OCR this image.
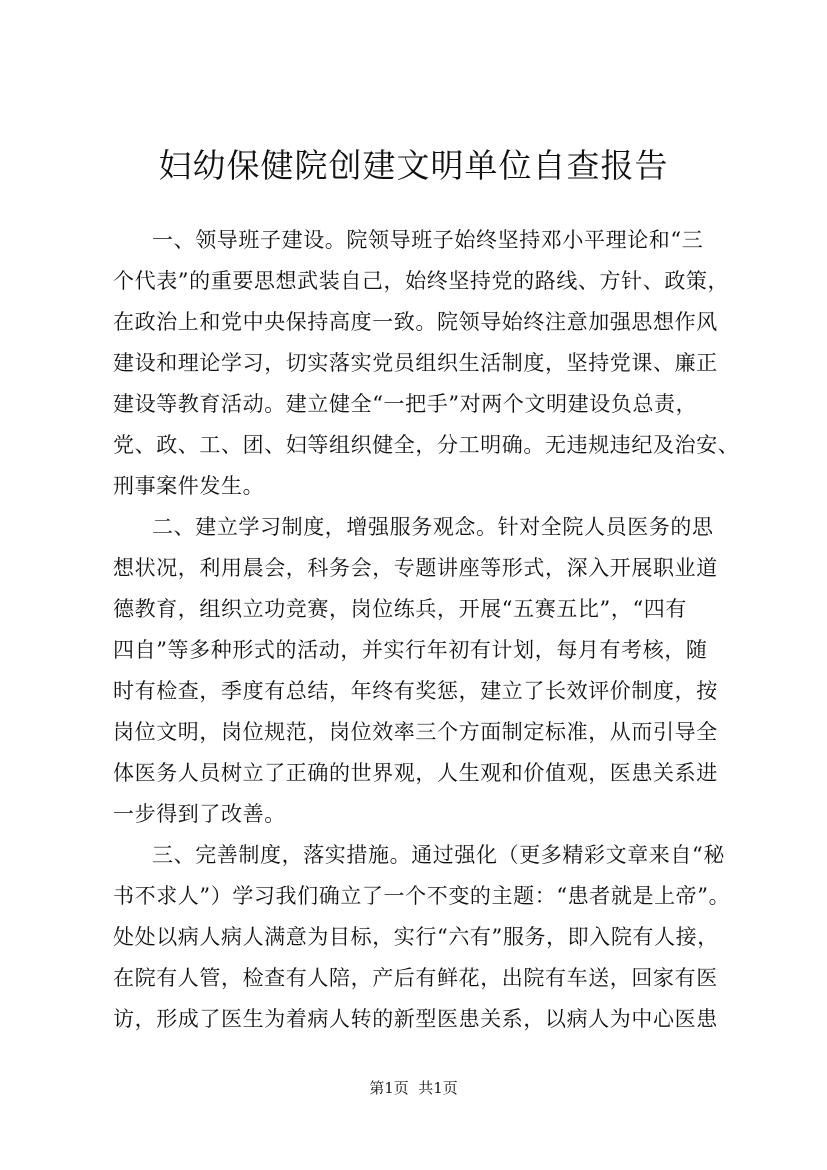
妇幼保健院创建文明单位自查报告
一、领导班子建设。院领导班子始终坚持邓小平理论和“三
个代表”的重要思想武装自己，始终坚持党的路线、方针、政策，
在政治上和党中央保持高度一致。院领导始终注意加强思想作风
建设和理论学习，切实落实党员组织生活制度，坚持党课、廉正
建设等教育活动。建立健全“一把手”对两个文明建设负总责，
党、政、工、团、妇等组织健全，分工明确。无违规违纪及治安、
刑事案件发生。
二、建立学习制度，增强服务观念。针对全院人员医务的思
想状况，利用晨会，科务会，专题讲座等形式，深入开展职业道
德教育，组织立功竞赛，岗位练兵，开展“五赛五比”，“四有
四自”等多种形式的活动，并实行年初有计划，每月有考核，随
时有检查，季度有总结，年终有奖惩，建立了长效评价制度，按
岗位文明，岗位规范，岗位效率三个方面制定标准，从而引导全
体医务人员树立了正确的世界观，人生观和价值观，医患关系进
一步得到了改善。
三、完善制度，落实措施。通过强化（更多精彩文章来自“秘
书不求人”）学习我们确立了一个不变的主题：“患者就是上帝”。
处处以病人病人满意为目标，实行“六有”服务，即入院有人接，
在院有人管，检查有人陪，产后有鲜花，出院有车送，回家有医
访，形成了医生为着病人转的新型医患关系，以病人为中心医患
第1页  共1页
